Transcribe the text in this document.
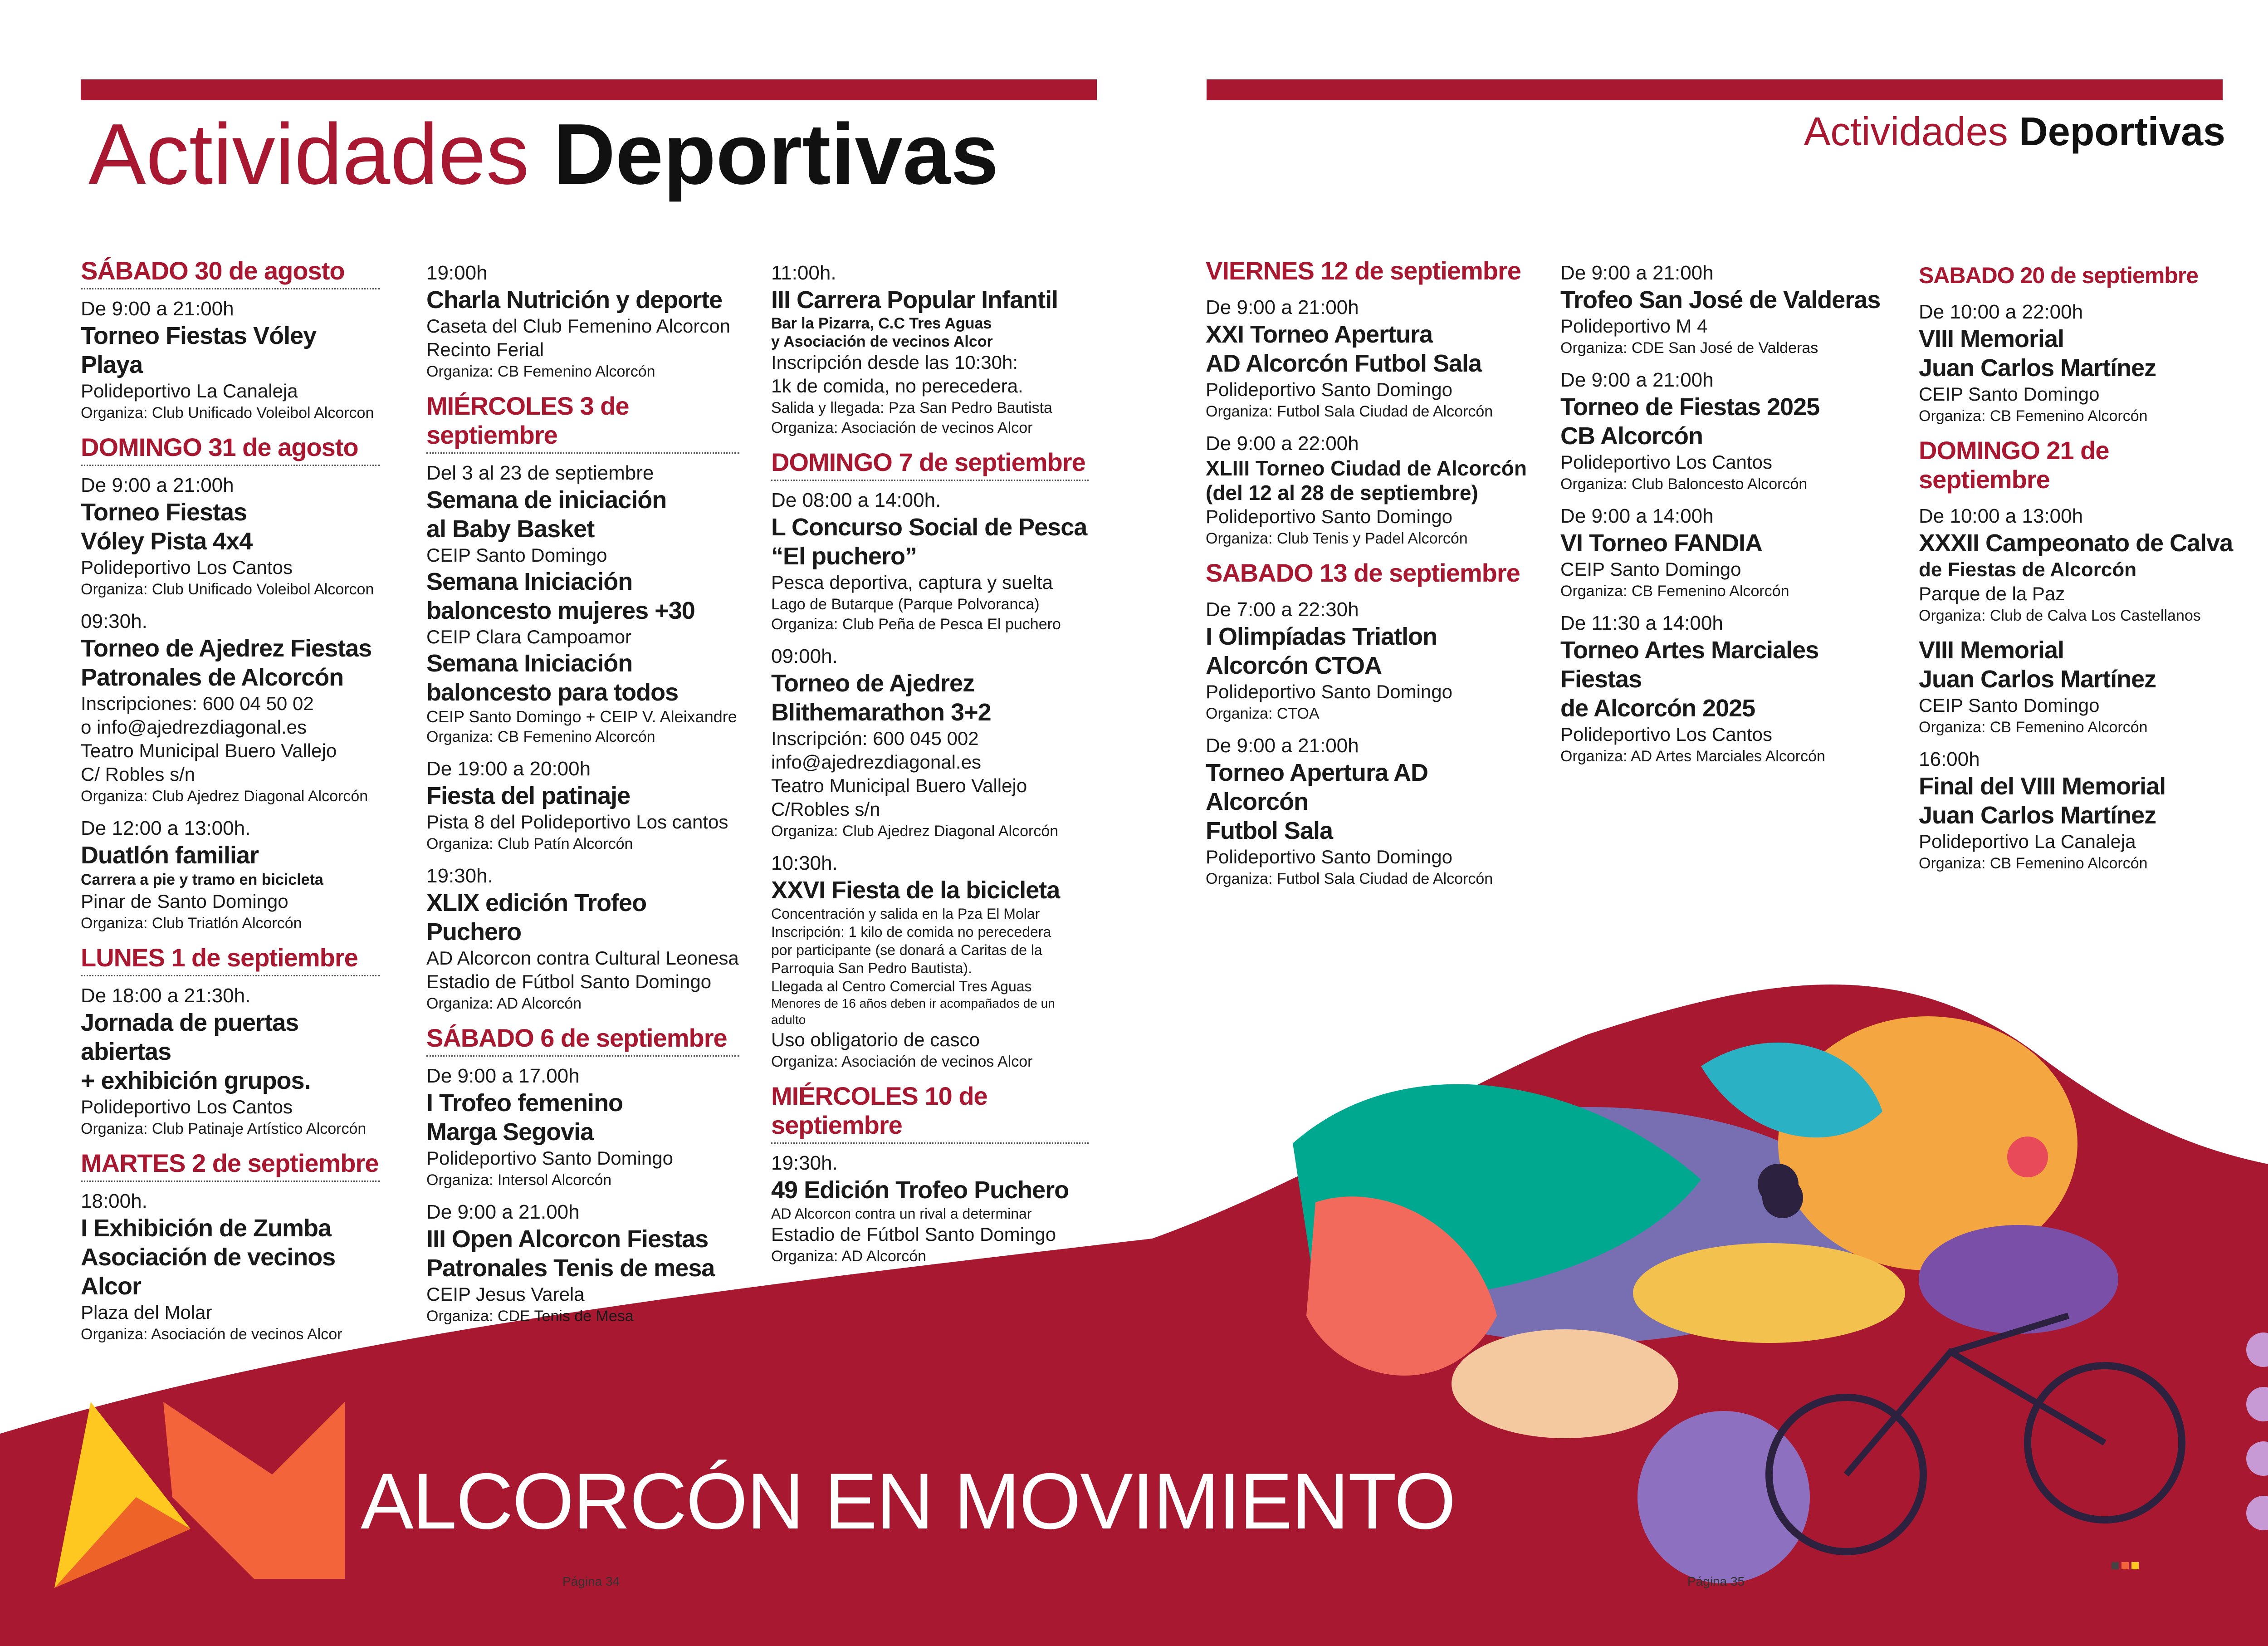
Actividades Deportivas	Actividades Deportivas
SÁBADO 30 de agosto
De 9:00 a 21:00h
Torneo Fiestas Vóley Playa
Polideportivo La Canaleja
Organiza: Club Unificado Voleibol Alcorcon
DOMINGO 31 de agosto
De 9:00 a 21:00h
Torneo Fiestas
Vóley Pista 4x4
Polideportivo Los Cantos
Organiza: Club Unificado Voleibol Alcorcon
09:30h.
Torneo de Ajedrez Fiestas
Patronales de Alcorcón
Inscripciones: 600 04 50 02
o info@ajedrezdiagonal.es
Teatro Municipal Buero Vallejo
C/ Robles s/n
Organiza: Club Ajedrez Diagonal Alcorcón
De 12:00 a 13:00h.
Duatlón familiar
Carrera a pie y tramo en bicicleta
Pinar de Santo Domingo
Organiza: Club Triatlón Alcorcón
LUNES 1 de septiembre
De 18:00 a 21:30h.
Jornada de puertas abiertas
+ exhibición grupos.
Polideportivo Los Cantos
Organiza: Club Patinaje Artístico Alcorcón
MARTES 2 de septiembre
18:00h.
I Exhibición de Zumba
Asociación de vecinos Alcor
Plaza del Molar
Organiza: Asociación de vecinos Alcor
19:00h
Charla Nutrición y deporte
Caseta del Club Femenino Alcorcon
Recinto Ferial
Organiza: CB Femenino Alcorcón
MIÉRCOLES 3 de septiembre
Del 3 al 23 de septiembre
Semana de iniciación
al Baby Basket
CEIP Santo Domingo
Semana Iniciación
baloncesto mujeres +30
CEIP Clara Campoamor
Semana Iniciación
baloncesto para todos
CEIP Santo Domingo + CEIP V. Aleixandre
Organiza: CB Femenino Alcorcón
De 19:00 a 20:00h
Fiesta del patinaje
Pista 8 del Polideportivo Los cantos
Organiza: Club Patín Alcorcón
19:30h.
XLIX edición Trofeo Puchero
AD Alcorcon contra Cultural Leonesa
Estadio de Fútbol Santo Domingo
Organiza: AD Alcorcón
SÁBADO 6 de septiembre
De 9:00 a 17.00h
I Trofeo femenino
Marga Segovia
Polideportivo Santo Domingo
Organiza: Intersol Alcorcón
De 9:00 a 21.00h
III Open Alcorcon Fiestas
Patronales Tenis de mesa
CEIP Jesus Varela
Organiza: CDE Tenis de Mesa
11:00h.
III Carrera Popular Infantil
Bar la Pizarra, C.C Tres Aguas
y Asociación de vecinos Alcor
Inscripción desde las 10:30h:
1k de comida, no perecedera.
Salida y llegada: Pza San Pedro Bautista
Organiza: Asociación de vecinos Alcor
DOMINGO 7 de septiembre
De 08:00 a 14:00h.
L Concurso Social de Pesca
“El puchero”
Pesca deportiva, captura y suelta
Lago de Butarque (Parque Polvoranca)
Organiza: Club Peña de Pesca El puchero
09:00h.
Torneo de Ajedrez
Blithemarathon 3+2
Inscripción: 600 045 002
info@ajedrezdiagonal.es
Teatro Municipal Buero Vallejo
C/Robles s/n
Organiza: Club Ajedrez Diagonal Alcorcón
10:30h.
XXVI Fiesta de la bicicleta
Concentración y salida en la Pza El Molar
Inscripción: 1 kilo de comida no perecedera
por participante (se donará a Caritas de la
Parroquia San Pedro Bautista).
Llegada al Centro Comercial Tres Aguas
Menores de 16 años deben ir acompañados de un adulto
Uso obligatorio de casco
Organiza: Asociación de vecinos Alcor
MIÉRCOLES 10 de septiembre
19:30h.
49 Edición Trofeo Puchero
AD Alcorcon contra un rival a determinar
Estadio de Fútbol Santo Domingo
Organiza: AD Alcorcón
VIERNES 12 de septiembre
De 9:00 a 21:00h
XXI Torneo Apertura
AD Alcorcón Futbol Sala
Polideportivo Santo Domingo
Organiza: Futbol Sala Ciudad de Alcorcón
De 9:00 a 22:00h
XLIII Torneo Ciudad de Alcorcón
(del 12 al 28 de septiembre)
Polideportivo Santo Domingo
Organiza: Club Tenis y Padel Alcorcón
SABADO 13 de septiembre
De 7:00 a 22:30h
I Olimpíadas Triatlon
Alcorcón CTOA
Polideportivo Santo Domingo
Organiza: CTOA
De 9:00 a 21:00h
Torneo Apertura AD Alcorcón
Futbol Sala
Polideportivo Santo Domingo
Organiza: Futbol Sala Ciudad de Alcorcón
De 9:00 a 21:00h
Trofeo San José de Valderas
Polideportivo M 4
Organiza: CDE San José de Valderas
De 9:00 a 21:00h
Torneo de Fiestas 2025
CB Alcorcón
Polideportivo Los Cantos
Organiza: Club Baloncesto Alcorcón
De 9:00 a 14:00h
VI Torneo FANDIA
CEIP Santo Domingo
Organiza: CB Femenino Alcorcón
De 11:30 a 14:00h
Torneo Artes Marciales Fiestas
de Alcorcón 2025
Polideportivo Los Cantos
Organiza: AD Artes Marciales Alcorcón
SABADO 20 de septiembre
De 10:00 a 22:00h
VIII Memorial
Juan Carlos Martínez
CEIP Santo Domingo
Organiza: CB Femenino Alcorcón
DOMINGO 21 de septiembre
De 10:00 a 13:00h
XXXII Campeonato de Calva
de Fiestas de Alcorcón
Parque de la Paz
Organiza: Club de Calva Los Castellanos
VIII Memorial
Juan Carlos Martínez
CEIP Santo Domingo
Organiza: CB Femenino Alcorcón
16:00h
Final del VIII Memorial
Juan Carlos Martínez
Polideportivo La Canaleja
Organiza: CB Femenino Alcorcón
ALCORCÓN EN MOVIMIENTO
Página 34	Página 35
